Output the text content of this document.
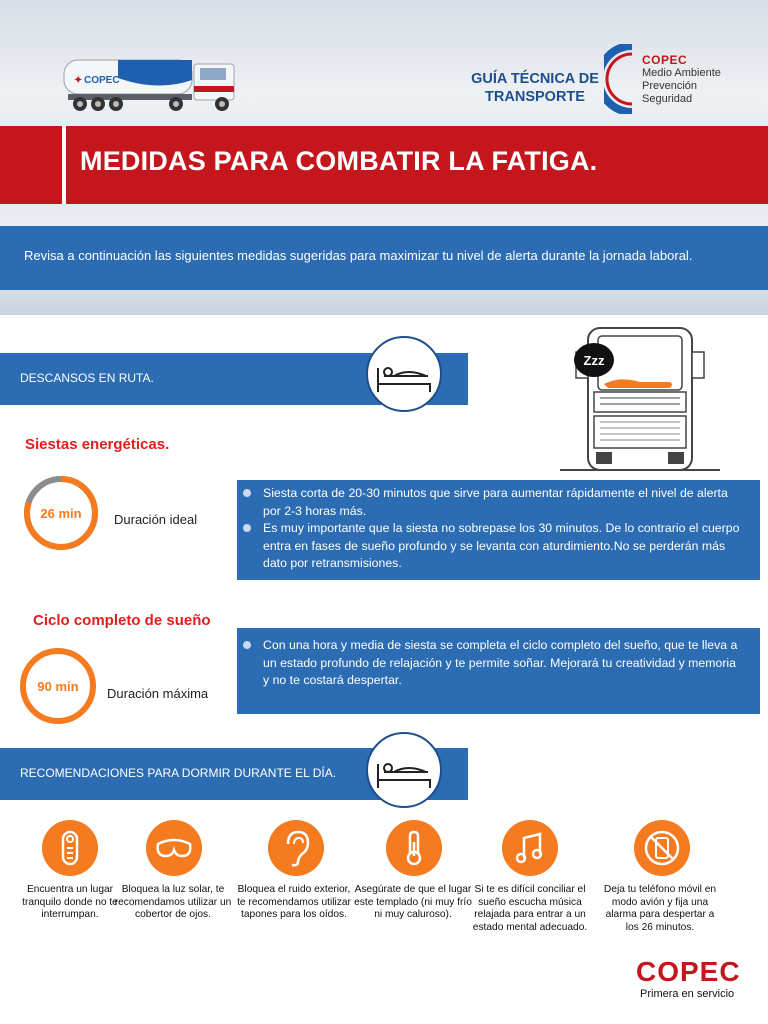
✦ COPEC	GUÍA TÉCNICA DE TRANSPORTE
COPEC
Medio Ambiente
Prevención
Seguridad
MEDIDAS PARA COMBATIR LA FATIGA.

Revisa a continuación las siguientes medidas sugeridas para maximizar tu nivel de alerta durante la jornada laboral.

DESCANSOS EN RUTA.
Zzz
Siestas energéticas.
26 min Duración ideal

Siesta corta de 20-30 minutos que sirve para aumentar rápidamente el nivel de alerta por 2-3 horas más.

Es muy importante que la siesta no sobrepase los 30 minutos. De lo contrario el cuerpo entra en fases de sueño profundo y se levanta con aturdimiento.No se perderán más dato por retransmisiones.

Ciclo completo de sueño
90 min Duración máxima

Con una hora y media de siesta se completa el ciclo completo del sueño, que te lleva a un estado profundo de relajación y te permite soñar. Mejorará tu creatividad y memoria y no te costará despertar.

RECOMENDACIONES PARA DORMIR DURANTE EL DÍA.
Encuentra un lugar tranquilo donde no te interrumpan.
Bloquea la luz solar, te recomendamos utilizar un cobertor de ojos.
Bloquea el ruido exterior, te recomendamos utilizar tapones para los oídos.
Asegúrate de que el lugar este templado (ni muy frío ni muy caluroso).
Si te es difícil conciliar el sueño escucha música relajada para entrar a un estado mental adecuado.
Deja tu teléfono móvil en modo avión y fija una alarma para despertar a los 26 minutos.
COPEC
Primera en servicio
